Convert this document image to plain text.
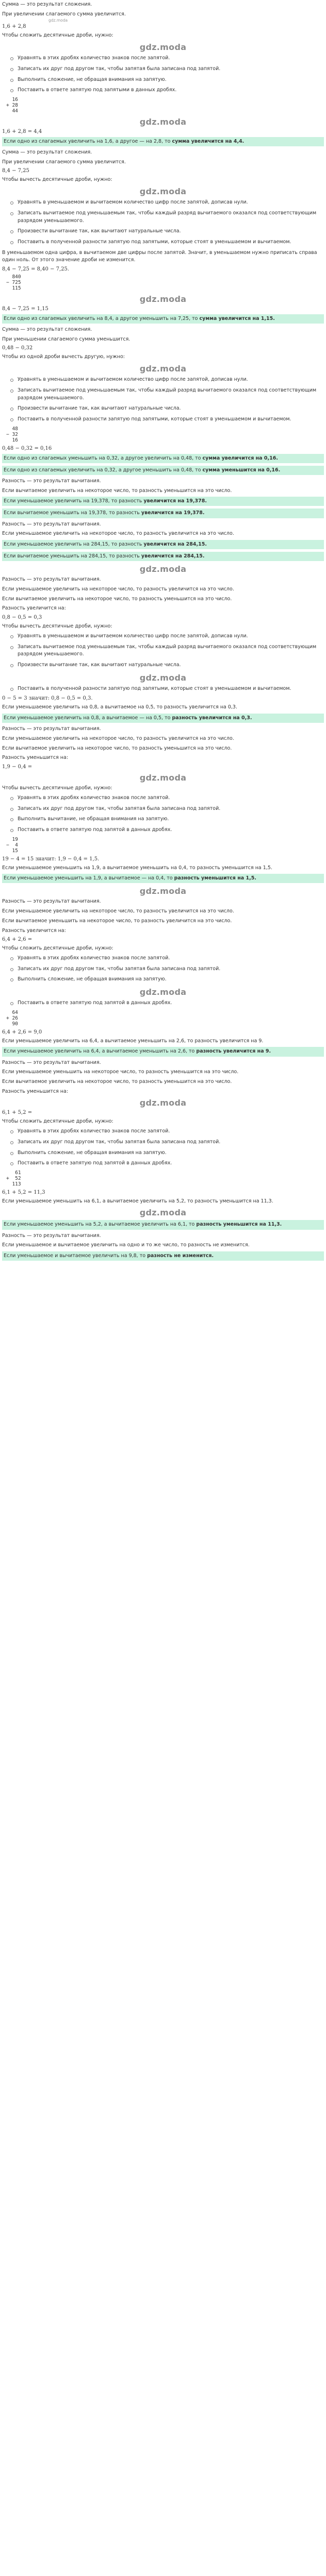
Сумма — это результат сложения.

При увеличении слагаемого сумма увеличится.

gdz.moda

1,6 + 2,8

Чтобы сложить десятичные дроби, нужно:

gdz.moda
Уравнять в этих дробях количество знаков после запятой.
Записать их друг под другом так, чтобы запятая была записана под запятой.
Выполнить сложение, не обращая внимания на запятую.
Поставить в ответе запятую под запятыми в данных дробях.
16
+ 28
44
gdz.moda

1,6 + 2,8 = 4,4

Если одно из слагаемых увеличить на 1,6, а другое — на 2,8, то сумма увеличится на 4,4.

Сумма — это результат сложения.

При увеличении слагаемого сумма увеличится.

8,4 − 7,25

Чтобы вычесть десятичные дроби, нужно:

gdz.moda
Уравнять в уменьшаемом и вычитаемом количество цифр после запятой, дописав нули.
Записать вычитаемое под уменьшаемым так, чтобы каждый разряд вычитаемого оказался под соответствующим разрядом уменьшаемого.
Произвести вычитание так, как вычитают натуральные числа.
Поставить в полученной разности запятую под запятыми, которые стоят в уменьшаемом и вычитаемом.

В уменьшаемом одна цифра, в вычитаемом две цифры после запятой. Значит, в уменьшаемом нужно приписать справа один ноль. От этого значение дроби не изменится.

8,4 − 7,25 = 8,40 − 7,25.

840
− 725
115
gdz.moda

8,4 − 7,25 = 1,15

Если одно из слагаемых увеличить на 8,4, а другое уменьшить на 7,25, то сумма увеличится на 1,15.

Сумма — это результат сложения.

При уменьшении слагаемого сумма уменьшится.

0,48 − 0,32

Чтобы из одной дроби вычесть другую, нужно:

gdz.moda
Уравнять в уменьшаемом и вычитаемом количество цифр после запятой, дописав нули.
Записать вычитаемое под уменьшаемым так, чтобы каждый разряд вычитаемого оказался под соответствующим разрядом уменьшаемого.
Произвести вычитание так, как вычитают натуральные числа.
Поставить в полученной разности запятую под запятыми, которые стоят в уменьшаемом и вычитаемом.
48
− 32
16

0,48 − 0,32 = 0,16

Если одно из слагаемых уменьшить на 0,32, а другое увеличить на 0,48, то сумма увеличится на 0,16.
Если одно из слагаемых увеличить на 0,32, а другое уменьшить на 0,48, то сумма уменьшится на 0,16.

Разность — это результат вычитания.

Если вычитаемое увеличить на некоторое число, то разность уменьшится на это число.

Если уменьшаемое увеличить на 19,378, то разность увеличится на 19,378.
Если вычитаемое уменьшить на 19,378, то разность увеличится на 19,378.

Разность — это результат вычитания.

Если уменьшаемое увеличить на некоторое число, то разность увеличится на это число.

Если уменьшаемое увеличить на 284,15, то разность увеличится на 284,15.
Если вычитаемое уменьшить на 284,15, то разность увеличится на 284,15.
gdz.moda

Разность — это результат вычитания.

Если уменьшаемое увеличить на некоторое число, то разность увеличится на это число.

Если вычитаемое увеличить на некоторое число, то разность уменьшится на это число.

Разность увеличится на:

0,8 − 0,5 = 0,3

Чтобы вычесть десятичные дроби, нужно:

Уравнять в уменьшаемом и вычитаемом количество цифр после запятой, дописав нули.
Записать вычитаемое под уменьшаемым так, чтобы каждый разряд вычитаемого оказался под соответствующим разрядом уменьшаемого.
Произвести вычитание так, как вычитают натуральные числа.
gdz.moda
Поставить в полученной разности запятую под запятыми, которые стоят в уменьшаемом и вычитаемом.

0 − 5 = 3 значит: 0,8 − 0,5 = 0,3.

Если уменьшаемое увеличить на 0,8, а вычитаемое на 0,5, то разность увеличится на 0,3.

Если уменьшаемое увеличить на 0,8, а вычитаемое — на 0,5, то разность увеличится на 0,3.

Разность — это результат вычитания.

Если уменьшаемое увеличить на некоторое число, то разность увеличится на это число.

Если вычитаемое увеличить на некоторое число, то разность уменьшится на это число.

Разность уменьшится на:

1,9 − 0,4 =

gdz.moda

Чтобы вычесть десятичные дроби, нужно:

Уравнять в этих дробях количество знаков после запятой.
Записать их друг под другом так, чтобы запятая была записана под запятой.
Выполнить вычитание, не обращая внимания на запятую.
Поставить в ответе запятую под запятой в данных дробях.
19
−  4
15

19 − 4 = 15 значит: 1,9 − 0,4 = 1,5.

Если уменьшаемое уменьшить на 1,9, а вычитаемое уменьшить на 0,4, то разность уменьшится на 1,5.

Если уменьшаемое уменьшить на 1,9, а вычитаемое — на 0,4, то разность уменьшится на 1,5.
gdz.moda

Разность — это результат вычитания.

Если уменьшаемое увеличить на некоторое число, то разность увеличится на это число.

Если вычитаемое уменьшить на некоторое число, то разность увеличится на это число.

Разность увеличится на:

6,4 + 2,6 =

Чтобы сложить десятичные дроби, нужно:

Уравнять в этих дробях количество знаков после запятой.
Записать их друг под другом так, чтобы запятая была записана под запятой.
Выполнить сложение, не обращая внимания на запятую.
gdz.moda
Поставить в ответе запятую под запятой в данных дробях.
64
+ 26
90

6,4 + 2,6 = 9,0

Если уменьшаемое увеличить на 6,4, а вычитаемое уменьшить на 2,6, то разность увеличится на 9.

Если уменьшаемое увеличить на 6,4, а вычитаемое уменьшить на 2,6, то разность увеличится на 9.

Разность — это результат вычитания.

Если уменьшаемое уменьшить на некоторое число, то разность уменьшится на это число.

Если вычитаемое увеличить на некоторое число, то разность уменьшится на это число.

Разность уменьшится на:

gdz.moda

6,1 + 5,2 =

Чтобы сложить десятичные дроби, нужно:

Уравнять в этих дробях количество знаков после запятой.
Записать их друг под другом так, чтобы запятая была записана под запятой.
Выполнить сложение, не обращая внимания на запятую.
Поставить в ответе запятую под запятой в данных дробях.
61
+  52
113

6,1 + 5,2 = 11,3

Если уменьшаемое уменьшить на 6,1, а вычитаемое увеличить на 5,2, то разность уменьшится на 11,3.

gdz.moda
Если уменьшаемое уменьшить на 5,2, а вычитаемое увеличить на 6,1, то разность уменьшится на 11,3.

Разность — это результат вычитания.

Если уменьшаемое и вычитаемое увеличить на одно и то же число, то разность не изменится.

Если уменьшаемое и вычитаемое увеличить на 9,8, то разность не изменится.
